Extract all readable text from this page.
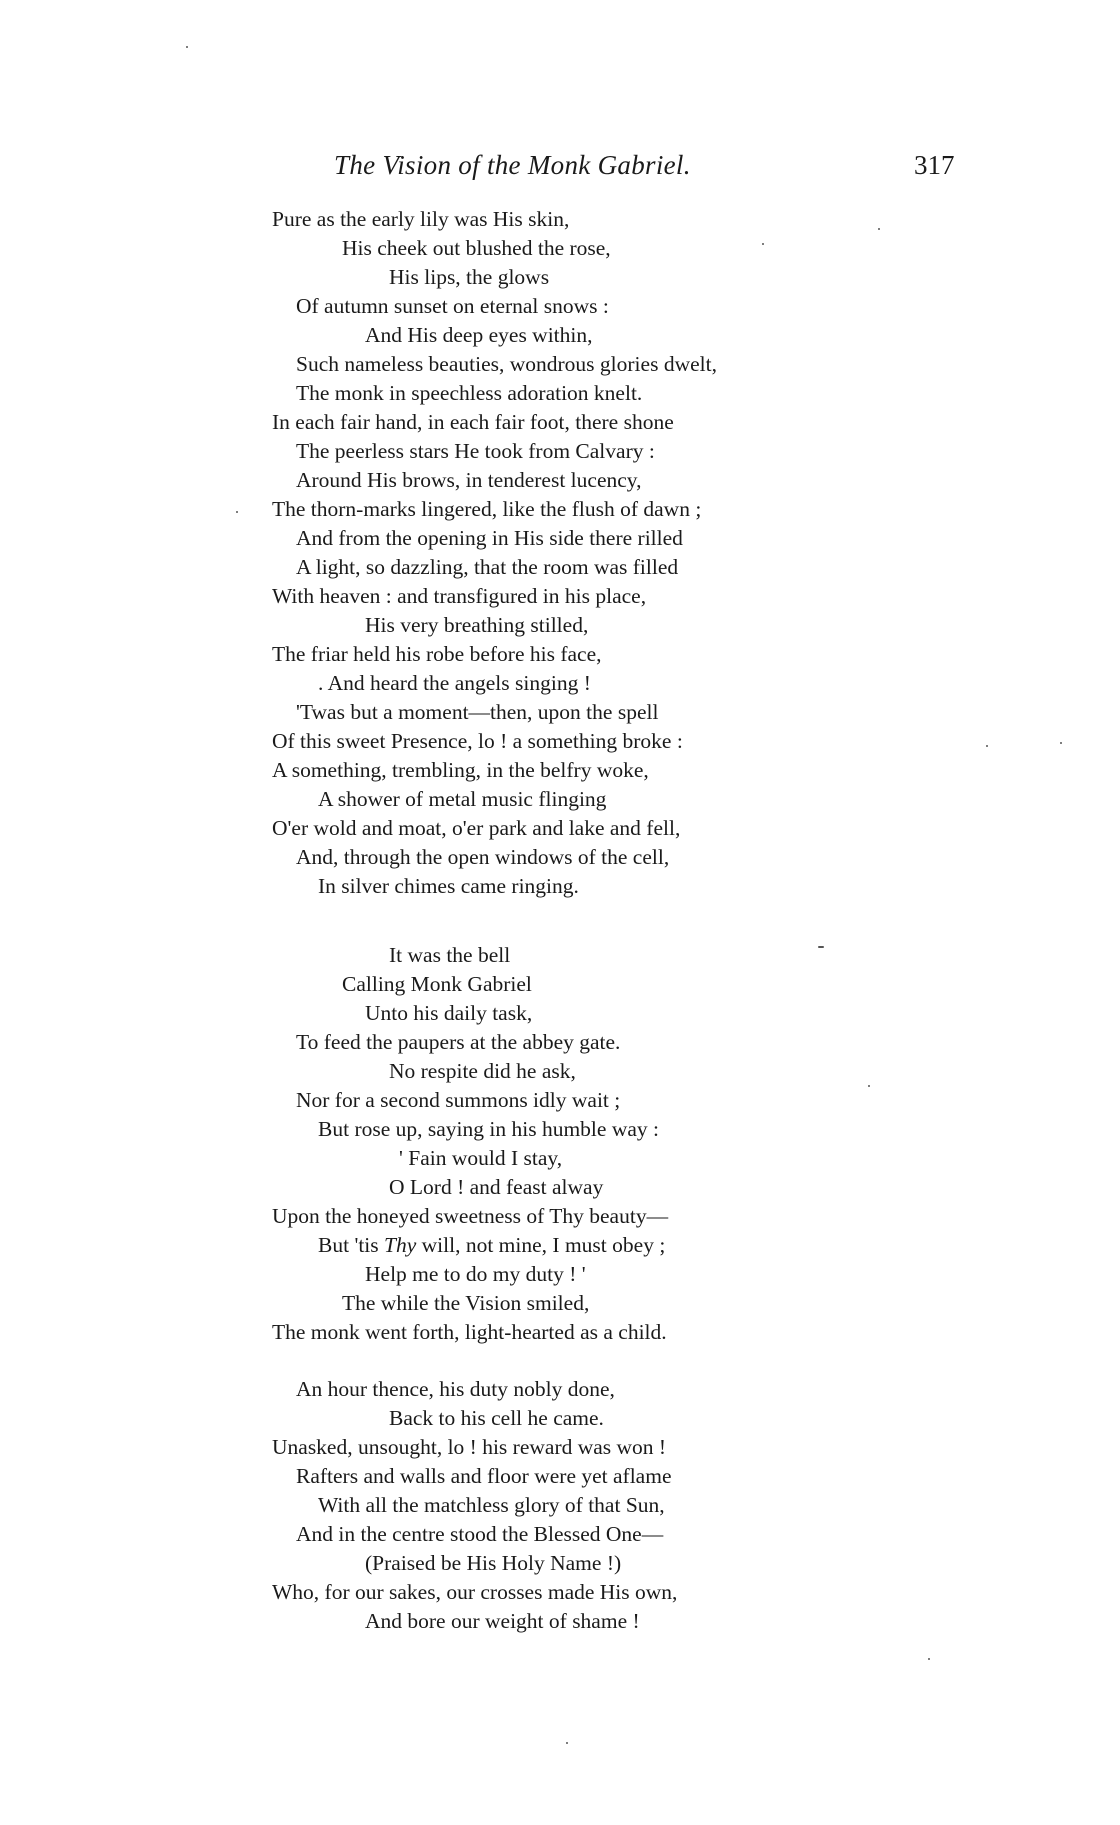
The Vision of the Monk Gabriel.	317
Pure as the early lily was His skin,
His cheek out blushed the rose,
His lips, the glows
Of autumn sunset on eternal snows :
And His deep eyes within,
Such nameless beauties, wondrous glories dwelt,
The monk in speechless adoration knelt.
In each fair hand, in each fair foot, there shone
The peerless stars He took from Calvary :
Around His brows, in tenderest lucency,
The thorn-marks lingered, like the flush of dawn ;
And from the opening in His side there rilled
A light, so dazzling, that the room was filled
With heaven : and transfigured in his place,
His very breathing stilled,
The friar held his robe before his face,
. And heard the angels singing !
'Twas but a moment—then, upon the spell
Of this sweet Presence, lo ! a something broke :
A something, trembling, in the belfry woke,
A shower of metal music flinging
O'er wold and moat, o'er park and lake and fell,
And, through the open windows of the cell,
In silver chimes came ringing.
It was the bell
Calling Monk Gabriel
Unto his daily task,
To feed the paupers at the abbey gate.
No respite did he ask,
Nor for a second summons idly wait ;
But rose up, saying in his humble way :
' Fain would I stay,
O Lord ! and feast alway
Upon the honeyed sweetness of Thy beauty—
But 'tis Thy will, not mine, I must obey ;
Help me to do my duty ! '
The while the Vision smiled,
The monk went forth, light-hearted as a child.
An hour thence, his duty nobly done,
Back to his cell he came.
Unasked, unsought, lo ! his reward was won !
Rafters and walls and floor were yet aflame
With all the matchless glory of that Sun,
And in the centre stood the Blessed One—
(Praised be His Holy Name !)
Who, for our sakes, our crosses made His own,
And bore our weight of shame !
